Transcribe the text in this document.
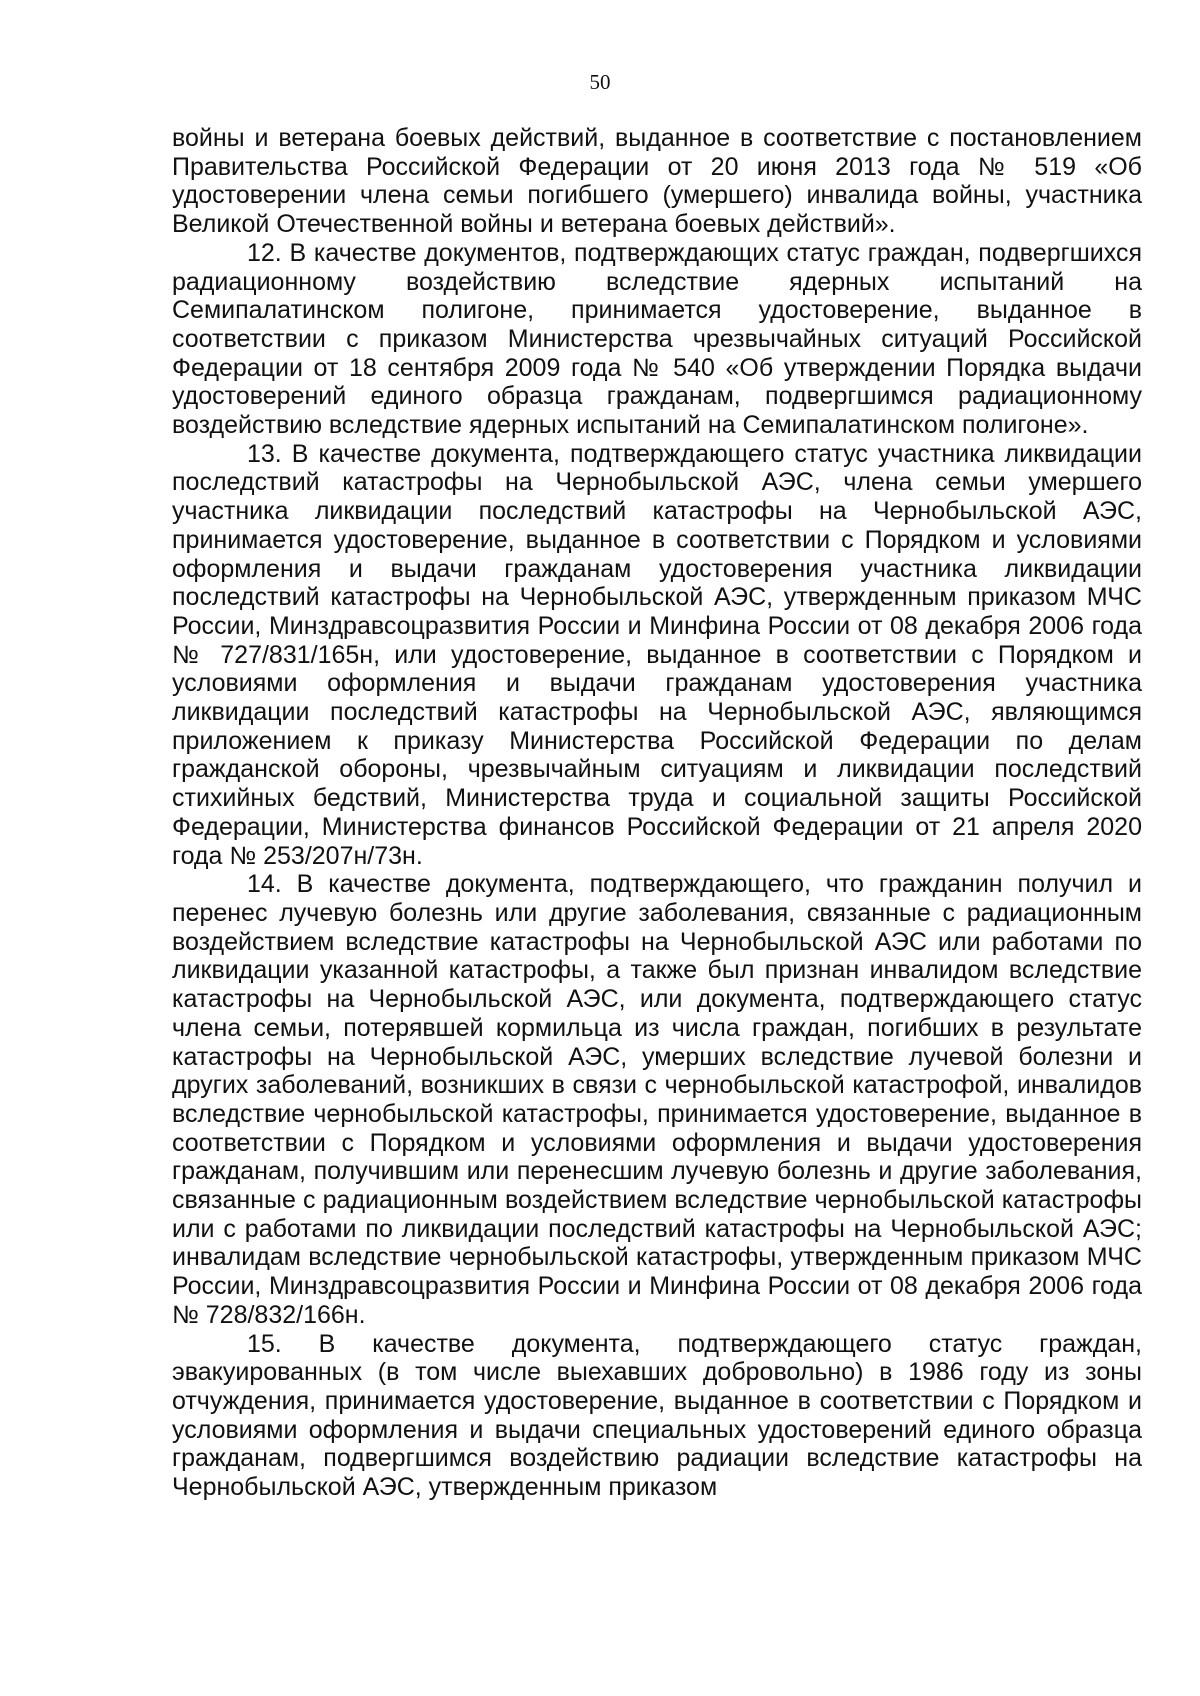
50

войны и ветерана боевых действий, выданное в соответствие с постановлением Правительства Российской Федерации от 20 июня 2013 года № 519 «Об удостоверении члена семьи погибшего (умершего) инвалида войны, участника Великой Отечественной войны и ветерана боевых действий».

12. В качестве документов, подтверждающих статус граждан, подвергшихся радиационному воздействию вследствие ядерных испытаний на Семипалатинском полигоне, принимается удостоверение, выданное в соответствии с приказом Министерства чрезвычайных ситуаций Российской Федерации от 18 сентября 2009 года № 540 «Об утверждении Порядка выдачи удостоверений единого образца гражданам, подвергшимся радиационному воздействию вследствие ядерных испытаний на Семипалатинском полигоне».

13. В качестве документа, подтверждающего статус участника ликвидации последствий катастрофы на Чернобыльской АЭС, члена семьи умершего участника ликвидации последствий катастрофы на Чернобыльской АЭС, принимается удостоверение, выданное в соответствии с Порядком и условиями оформления и выдачи гражданам удостоверения участника ликвидации последствий катастрофы на Чернобыльской АЭС, утвержденным приказом МЧС России, Минздравсоцразвития России и Минфина России от 08 декабря 2006 года № 727/831/165н, или удостоверение, выданное в соответствии с Порядком и условиями оформления и выдачи гражданам удостоверения участника ликвидации последствий катастрофы на Чернобыльской АЭС, являющимся приложением к приказу Министерства Российской Федерации по делам гражданской обороны, чрезвычайным ситуациям и ликвидации последствий стихийных бедствий, Министерства труда и социальной защиты Российской Федерации, Министерства финансов Российской Федерации от 21 апреля 2020 года № 253/207н/73н.

14. В качестве документа, подтверждающего, что гражданин получил и перенес лучевую болезнь или другие заболевания, связанные с радиационным воздействием вследствие катастрофы на Чернобыльской АЭС или работами по ликвидации указанной катастрофы, а также был признан инвалидом вследствие катастрофы на Чернобыльской АЭС, или документа, подтверждающего статус члена семьи, потерявшей кормильца из числа граждан, погибших в результате катастрофы на Чернобыльской АЭС, умерших вследствие лучевой болезни и других заболеваний, возникших в связи с чернобыльской катастрофой, инвалидов вследствие чернобыльской катастрофы, принимается удостоверение, выданное в соответствии с Порядком и условиями оформления и выдачи удостоверения гражданам, получившим или перенесшим лучевую болезнь и другие заболевания, связанные с радиационным воздействием вследствие чернобыльской катастрофы или с работами по ликвидации последствий катастрофы на Чернобыльской АЭС; инвалидам вследствие чернобыльской катастрофы, утвержденным приказом МЧС России, Минздравсоцразвития России и Минфина России от 08 декабря 2006 года № 728/832/166н.

15. В качестве документа, подтверждающего статус граждан, эвакуированных (в том числе выехавших добровольно) в 1986 году из зоны отчуждения, принимается удостоверение, выданное в соответствии с Порядком и условиями оформления и выдачи специальных удостоверений единого образца гражданам, подвергшимся воздействию радиации вследствие катастрофы на Чернобыльской АЭС, утвержденным приказом
